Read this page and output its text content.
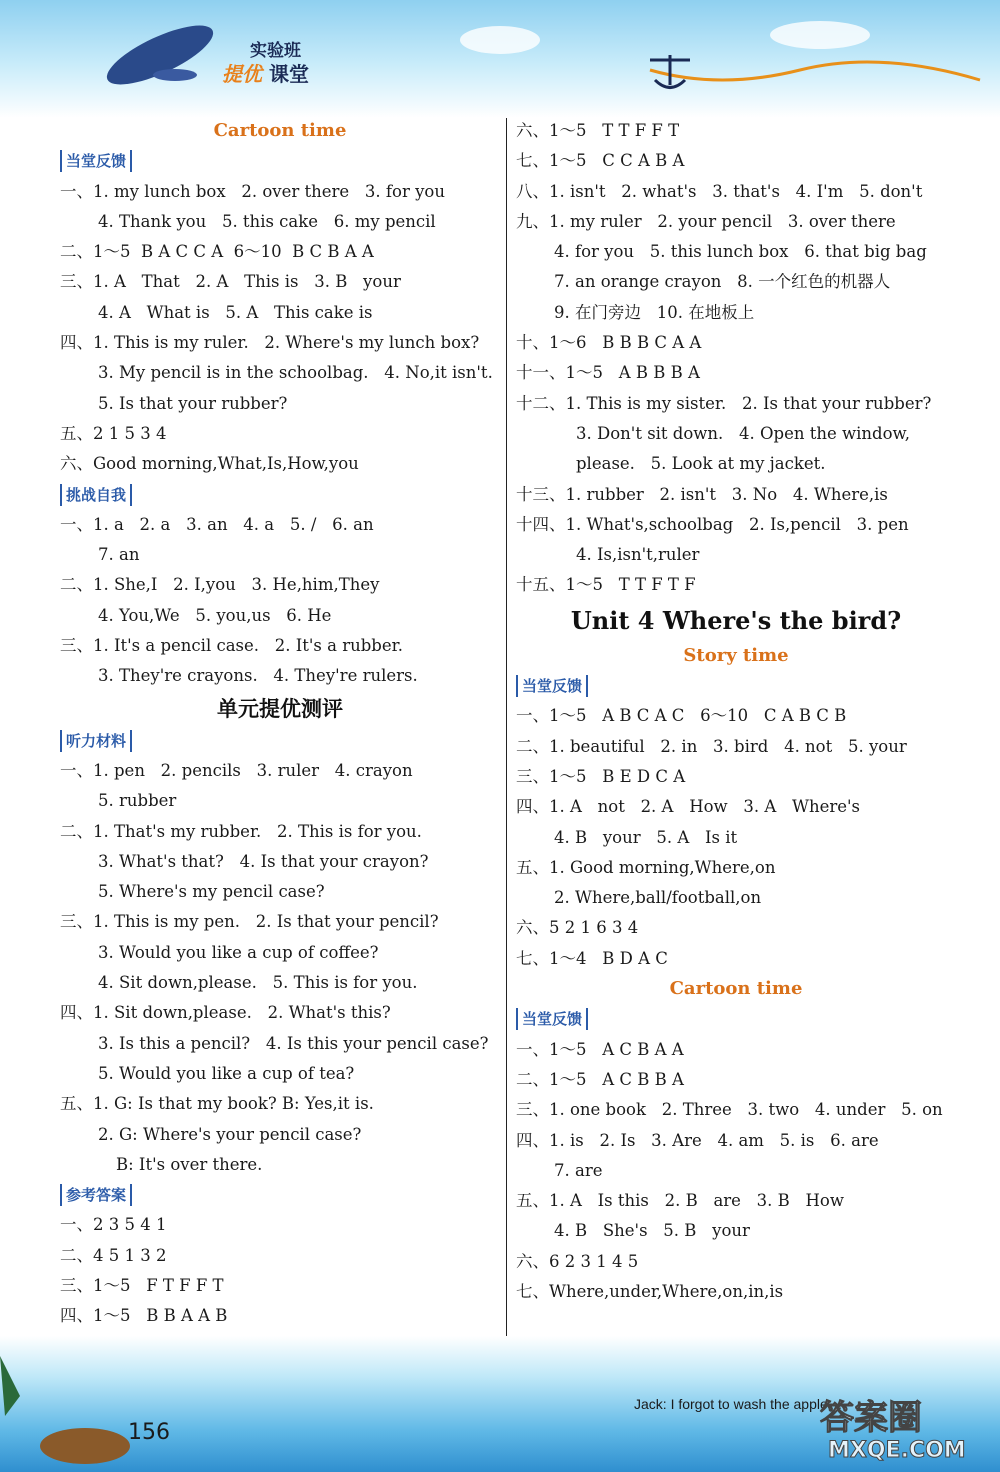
实验班
提优 课堂
Cartoon time
当堂反馈
一、1. my lunch box   2. over there   3. for you
4. Thank you   5. this cake   6. my pencil
二、1～5  B A C C A  6～10  B C B A A
三、1. A   That   2. A   This is   3. B   your
4. A   What is   5. A   This cake is
四、1. This is my ruler.   2. Where's my lunch box?
3. My pencil is in the schoolbag.   4. No,it isn't.
5. Is that your rubber?
五、2 1 5 3 4
六、Good morning,What,Is,How,you
挑战自我
一、1. a   2. a   3. an   4. a   5. /   6. an
7. an
二、1. She,I   2. I,you   3. He,him,They
4. You,We   5. you,us   6. He
三、1. It's a pencil case.   2. It's a rubber.
3. They're crayons.   4. They're rulers.
单元提优测评
听力材料
一、1. pen   2. pencils   3. ruler   4. crayon
5. rubber
二、1. That's my rubber.   2. This is for you.
3. What's that?   4. Is that your crayon?
5. Where's my pencil case?
三、1. This is my pen.   2. Is that your pencil?
3. Would you like a cup of coffee?
4. Sit down,please.   5. This is for you.
四、1. Sit down,please.   2. What's this?
3. Is this a pencil?   4. Is this your pencil case?
5. Would you like a cup of tea?
五、1. G: Is that my book? B: Yes,it is.
2. G: Where's your pencil case?
B: It's over there.
参考答案
一、2 3 5 4 1
二、4 5 1 3 2
三、1～5   F T F F T
四、1～5   B B A A B
六、1～5   T T F F T
七、1～5   C C A B A
八、1. isn't   2. what's   3. that's   4. I'm   5. don't
九、1. my ruler   2. your pencil   3. over there
4. for you   5. this lunch box   6. that big bag
7. an orange crayon   8. 一个红色的机器人
9. 在门旁边   10. 在地板上
十、1～6   B B B C A A
十一、1～5   A B B B A
十二、1. This is my sister.   2. Is that your rubber?
3. Don't sit down.   4. Open the window,
please.   5. Look at my jacket.
十三、1. rubber   2. isn't   3. No   4. Where,is
十四、1. What's,schoolbag   2. Is,pencil   3. pen
4. Is,isn't,ruler
十五、1～5   T T F T F
Unit 4 Where's the bird?
Story time
当堂反馈
一、1～5   A B C A C   6～10   C A B C B
二、1. beautiful   2. in   3. bird   4. not   5. your
三、1～5   B E D C A
四、1. A   not   2. A   How   3. A   Where's
4. B   your   5. A   Is it
五、1. Good morning,Where,on
2. Where,ball/football,on
六、5 2 1 6 3 4
七、1～4   B D A C
Cartoon time
当堂反馈
一、1～5   A C B A A
二、1～5   A C B B A
三、1. one book   2. Three   3. two   4. under   5. on
四、1. is   2. Is   3. Are   4. am   5. is   6. are
7. are
五、1. A   Is this   2. B   are   3. B   How
4. B   She's   5. B   your
六、6 2 3 1 4 5
七、Where,under,Where,on,in,is
156
Jack: I forgot to wash the apple.
答案圈
MXQE.COM
